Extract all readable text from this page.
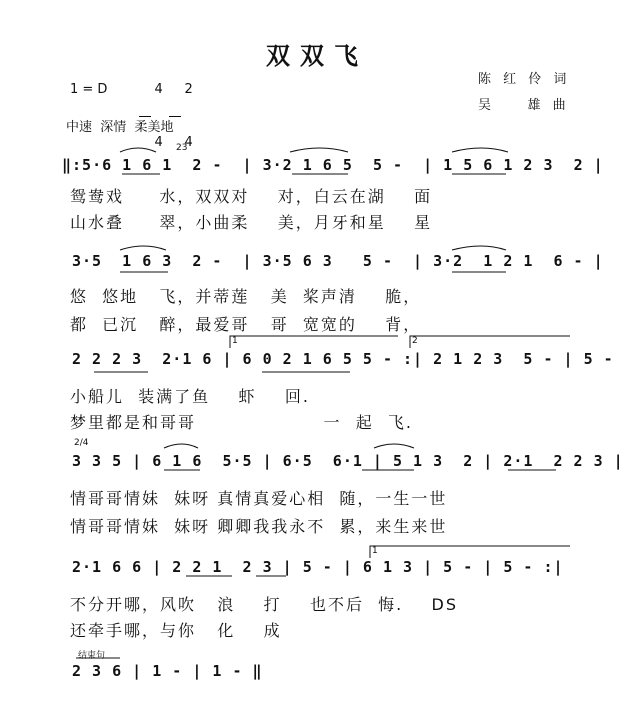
双双飞
1 = D

	4

4

2

4

陈 红 伶 词
吴    雄 曲
中速  深情  柔美地
23
‖:5·6 1 6 1  2 -  | 3·2 1 6 5  5 -  | 1 5 6 1 2 3  2 |
鸳鸯戏     水，双双对    对，白云在湖    面
山水叠     翠，小曲柔    美，月牙和星    星
3·5  1 6 3  2 -  | 3·5 6 3   5 -  | 3·2  1 2 1  6 - |
悠  悠地   飞，并蒂莲   美  桨声清    脆，
都  已沉   醉，最爱哥   哥  宽宽的    背，
1	2
2 2 2 3  2·1 6 | 6 0 2 1 6 5 5 - :| 2 1 2 3  5 - | 5 -
小船儿  装满了鱼    虾    回.
梦里都是和哥哥                  一  起  飞.
2/4
3 3 5 | 6 1 6  5·5 | 6·5  6·1 | 5 1 3  2 | 2·1  2 2 3 |
情哥哥情妹  妹呀 真情真爱心相  随，一生一世
情哥哥情妹  妹呀 卿卿我我永不  累，来生来世
1
2·1 6 6 | 2 2 1  2 3 | 5 - | 6 1 3 | 5 - | 5 - :|
不分开哪，风吹   浪    打    也不后  悔.    DS
还牵手哪，与你   化    成
结束句
2 3 6 | 1 - | 1 - ‖
